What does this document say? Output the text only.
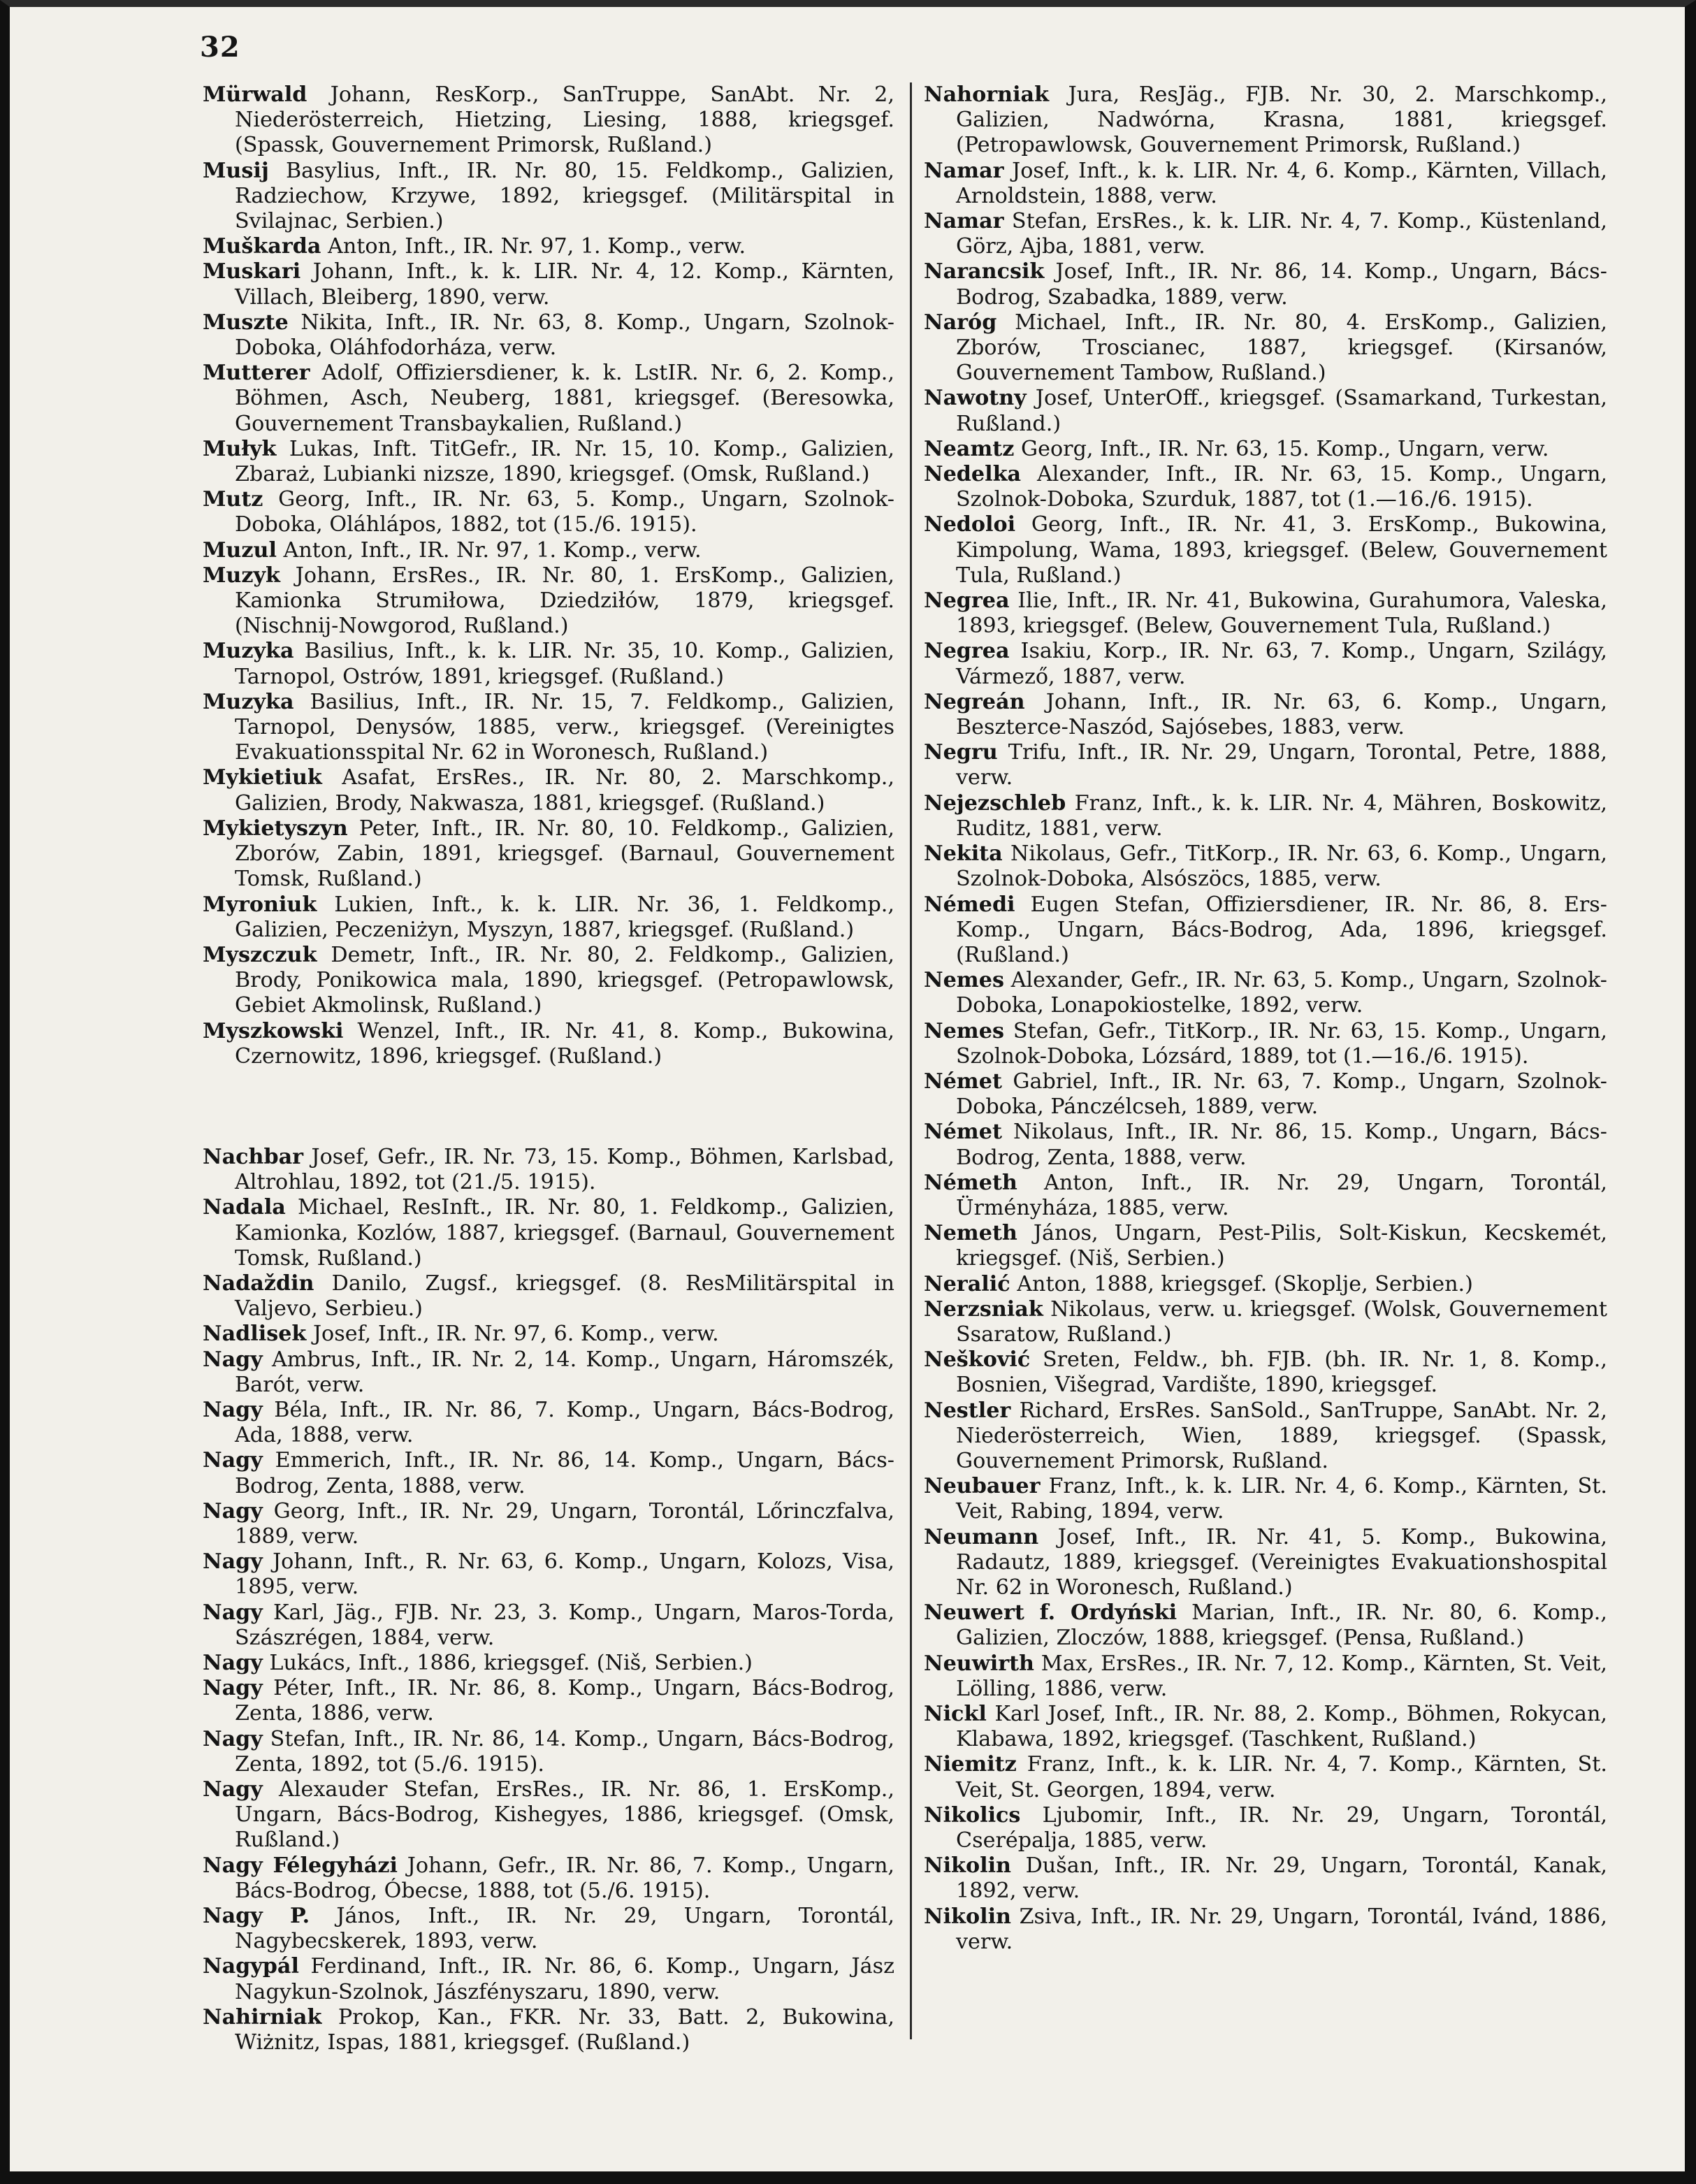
32

Mürwald Johann, ResKorp., SanTruppe, SanAbt. Nr. 2, Niederösterreich, Hietzing, Liesing, 1888, kriegsgef. (Spassk, Gouvernement Primorsk, Rußland.)

Musij Basylius, Inft., IR. Nr. 80, 15. Feldkomp., Galizien, Radziechow, Krzywe, 1892, kriegsgef. (Militärspital in Svilajnac, Serbien.)

Muškarda Anton, Inft., IR. Nr. 97, 1. Komp., verw.

Muskari Johann, Inft., k. k. LIR. Nr. 4, 12. Komp., Kärnten, Villach, Bleiberg, 1890, verw.

Muszte Nikita, Inft., IR. Nr. 63, 8. Komp., Ungarn, Szolnok-Doboka, Oláhfodorháza, verw.

Mutterer Adolf, Offiziersdiener, k. k. LstIR. Nr. 6, 2. Komp., Böhmen, Asch, Neuberg, 1881, kriegsgef. (Beresowka, Gouvernement Transbaykalien, Rußland.)

Mułyk Lukas, Inft. TitGefr., IR. Nr. 15, 10. Komp., Galizien, Zbaraż, Lubianki nizsze, 1890, kriegsgef. (Omsk, Rußland.)

Mutz Georg, Inft., IR. Nr. 63, 5. Komp., Ungarn, Szolnok-Doboka, Oláhlápos, 1882, tot (15./6. 1915).

Muzul Anton, Inft., IR. Nr. 97, 1. Komp., verw.

Muzyk Johann, ErsRes., IR. Nr. 80, 1. ErsKomp., Galizien, Kamionka Strumiłowa, Dziedziłów, 1879, kriegsgef. (Nischnij-Nowgorod, Rußland.)

Muzyka Basilius, Inft., k. k. LIR. Nr. 35, 10. Komp., Galizien, Tarnopol, Ostrów, 1891, kriegsgef. (Rußland.)

Muzyka Basilius, Inft., IR. Nr. 15, 7. Feldkomp., Galizien, Tarnopol, Denysów, 1885, verw., kriegsgef. (Vereinigtes Evakuationsspital Nr. 62 in Woronesch, Rußland.)

Mykietiuk Asafat, ErsRes., IR. Nr. 80, 2. Marschkomp., Galizien, Brody, Nakwasza, 1881, kriegsgef. (Rußland.)

Mykietyszyn Peter, Inft., IR. Nr. 80, 10. Feldkomp., Galizien, Zborów, Zabin, 1891, kriegsgef. (Barnaul, Gouvernement Tomsk, Rußland.)

Myroniuk Lukien, Inft., k. k. LIR. Nr. 36, 1. Feldkomp., Galizien, Peczeniżyn, Myszyn, 1887, kriegsgef. (Rußland.)

Myszczuk Demetr, Inft., IR. Nr. 80, 2. Feldkomp., Galizien, Brody, Ponikowica mala, 1890, kriegsgef. (Petropawlowsk, Gebiet Akmolinsk, Rußland.)

Myszkowski Wenzel, Inft., IR. Nr. 41, 8. Komp., Bukowina, Czernowitz, 1896, kriegsgef. (Rußland.)

Nachbar Josef, Gefr., IR. Nr. 73, 15. Komp., Böhmen, Karlsbad, Altrohlau, 1892, tot (21./5. 1915).

Nadala Michael, ResInft., IR. Nr. 80, 1. Feldkomp., Galizien, Kamionka, Kozlów, 1887, kriegsgef. (Barnaul, Gouvernement Tomsk, Rußland.)

Nadaždin Danilo, Zugsf., kriegsgef. (8. ResMilitärspital in Valjevo, Serbieu.)

Nadlisek Josef, Inft., IR. Nr. 97, 6. Komp., verw.

Nagy Ambrus, Inft., IR. Nr. 2, 14. Komp., Ungarn, Háromszék, Barót, verw.

Nagy Béla, Inft., IR. Nr. 86, 7. Komp., Ungarn, Bács-Bodrog, Ada, 1888, verw.

Nagy Emmerich, Inft., IR. Nr. 86, 14. Komp., Ungarn, Bács-Bodrog, Zenta, 1888, verw.

Nagy Georg, Inft., IR. Nr. 29, Ungarn, Torontál, Lőrinczfalva, 1889, verw.

Nagy Johann, Inft., R. Nr. 63, 6. Komp., Ungarn, Kolozs, Visa, 1895, verw.

Nagy Karl, Jäg., FJB. Nr. 23, 3. Komp., Ungarn, Maros-Torda, Szászrégen, 1884, verw.

Nagy Lukács, Inft., 1886, kriegsgef. (Niš, Serbien.)

Nagy Péter, Inft., IR. Nr. 86, 8. Komp., Ungarn, Bács-Bodrog, Zenta, 1886, verw.

Nagy Stefan, Inft., IR. Nr. 86, 14. Komp., Ungarn, Bács-Bodrog, Zenta, 1892, tot (5./6. 1915).

Nagy Alexauder Stefan, ErsRes., IR. Nr. 86, 1. ErsKomp., Ungarn, Bács-Bodrog, Kishegyes, 1886, kriegsgef. (Omsk, Rußland.)

Nagy Félegyházi Johann, Gefr., IR. Nr. 86, 7. Komp., Ungarn, Bács-Bodrog, Óbecse, 1888, tot (5./6. 1915).

Nagy P. János, Inft., IR. Nr. 29, Ungarn, Torontál, Nagybecskerek, 1893, verw.

Nagypál Ferdinand, Inft., IR. Nr. 86, 6. Komp., Ungarn, Jász Nagykun-Szolnok, Jászfényszaru, 1890, verw.

Nahirniak Prokop, Kan., FKR. Nr. 33, Batt. 2, Bukowina, Wiżnitz, Ispas, 1881, kriegsgef. (Rußland.)

Nahorniak Jura, ResJäg., FJB. Nr. 30, 2. Marschkomp., Galizien, Nadwórna, Krasna, 1881, kriegsgef. (Petropawlowsk, Gouvernement Primorsk, Rußland.)

Namar Josef, Inft., k. k. LIR. Nr. 4, 6. Komp., Kärnten, Villach, Arnoldstein, 1888, verw.

Namar Stefan, ErsRes., k. k. LIR. Nr. 4, 7. Komp., Küstenland, Görz, Ajba, 1881, verw.

Narancsik Josef, Inft., IR. Nr. 86, 14. Komp., Ungarn, Bács-Bodrog, Szabadka, 1889, verw.

Naróg Michael, Inft., IR. Nr. 80, 4. ErsKomp., Galizien, Zborów, Troscianec, 1887, kriegsgef. (Kirsanów, Gouvernement Tambow, Rußland.)

Nawotny Josef, UnterOff., kriegsgef. (Ssamarkand, Turkestan, Rußland.)

Neamtz Georg, Inft., IR. Nr. 63, 15. Komp., Ungarn, verw.

Nedelka Alexander, Inft., IR. Nr. 63, 15. Komp., Ungarn, Szolnok-Doboka, Szurduk, 1887, tot (1.—16./6. 1915).

Nedoloi Georg, Inft., IR. Nr. 41, 3. ErsKomp., Bukowina, Kimpolung, Wama, 1893, kriegsgef. (Belew, Gouvernement Tula, Rußland.)

Negrea Ilie, Inft., IR. Nr. 41, Bukowina, Gurahumora, Valeska, 1893, kriegsgef. (Belew, Gouvernement Tula, Rußland.)

Negrea Isakiu, Korp., IR. Nr. 63, 7. Komp., Ungarn, Szilágy, Vármező, 1887, verw.

Negreán Johann, Inft., IR. Nr. 63, 6. Komp., Ungarn, Beszterce-Naszód, Sajósebes, 1883, verw.

Negru Trifu, Inft., IR. Nr. 29, Ungarn, Torontal, Petre, 1888, verw.

Nejezschleb Franz, Inft., k. k. LIR. Nr. 4, Mähren, Boskowitz, Ruditz, 1881, verw.

Nekita Nikolaus, Gefr., TitKorp., IR. Nr. 63, 6. Komp., Ungarn, Szolnok-Doboka, Alsószöcs, 1885, verw.

Némedi Eugen Stefan, Offiziersdiener, IR. Nr. 86, 8. Ers-Komp., Ungarn, Bács-Bodrog, Ada, 1896, kriegsgef. (Rußland.)

Nemes Alexander, Gefr., IR. Nr. 63, 5. Komp., Ungarn, Szolnok-Doboka, Lonapokiostelke, 1892, verw.

Nemes Stefan, Gefr., TitKorp., IR. Nr. 63, 15. Komp., Ungarn, Szolnok-Doboka, Lózsárd, 1889, tot (1.—16./6. 1915).

Német Gabriel, Inft., IR. Nr. 63, 7. Komp., Ungarn, Szolnok-Doboka, Pánczélcseh, 1889, verw.

Német Nikolaus, Inft., IR. Nr. 86, 15. Komp., Ungarn, Bács-Bodrog, Zenta, 1888, verw.

Németh Anton, Inft., IR. Nr. 29, Ungarn, Torontál, Ürményháza, 1885, verw.

Nemeth János, Ungarn, Pest-Pilis, Solt-Kiskun, Kecskemét, kriegsgef. (Niš, Serbien.)

Neralić Anton, 1888, kriegsgef. (Skoplje, Serbien.)

Nerzsniak Nikolaus, verw. u. kriegsgef. (Wolsk, Gouvernement Ssaratow, Rußland.)

Nešković Sreten, Feldw., bh. FJB. (bh. IR. Nr. 1, 8. Komp., Bosnien, Višegrad, Vardište, 1890, kriegsgef.

Nestler Richard, ErsRes. SanSold., SanTruppe, SanAbt. Nr. 2, Niederösterreich, Wien, 1889, kriegsgef. (Spassk, Gouvernement Primorsk, Rußland.

Neubauer Franz, Inft., k. k. LIR. Nr. 4, 6. Komp., Kärnten, St. Veit, Rabing, 1894, verw.

Neumann Josef, Inft., IR. Nr. 41, 5. Komp., Bukowina, Radautz, 1889, kriegsgef. (Vereinigtes Evakuationshospital Nr. 62 in Woronesch, Rußland.)

Neuwert f. Ordyński Marian, Inft., IR. Nr. 80, 6. Komp., Galizien, Zloczów, 1888, kriegsgef. (Pensa, Rußland.)

Neuwirth Max, ErsRes., IR. Nr. 7, 12. Komp., Kärnten, St. Veit, Lölling, 1886, verw.

Nickl Karl Josef, Inft., IR. Nr. 88, 2. Komp., Böhmen, Rokycan, Klabawa, 1892, kriegsgef. (Taschkent, Rußland.)

Niemitz Franz, Inft., k. k. LIR. Nr. 4, 7. Komp., Kärnten, St. Veit, St. Georgen, 1894, verw.

Nikolics Ljubomir, Inft., IR. Nr. 29, Ungarn, Torontál, Cserépalja, 1885, verw.

Nikolin Dušan, Inft., IR. Nr. 29, Ungarn, Torontál, Kanak, 1892, verw.

Nikolin Zsiva, Inft., IR. Nr. 29, Ungarn, Torontál, Ivánd, 1886, verw.
